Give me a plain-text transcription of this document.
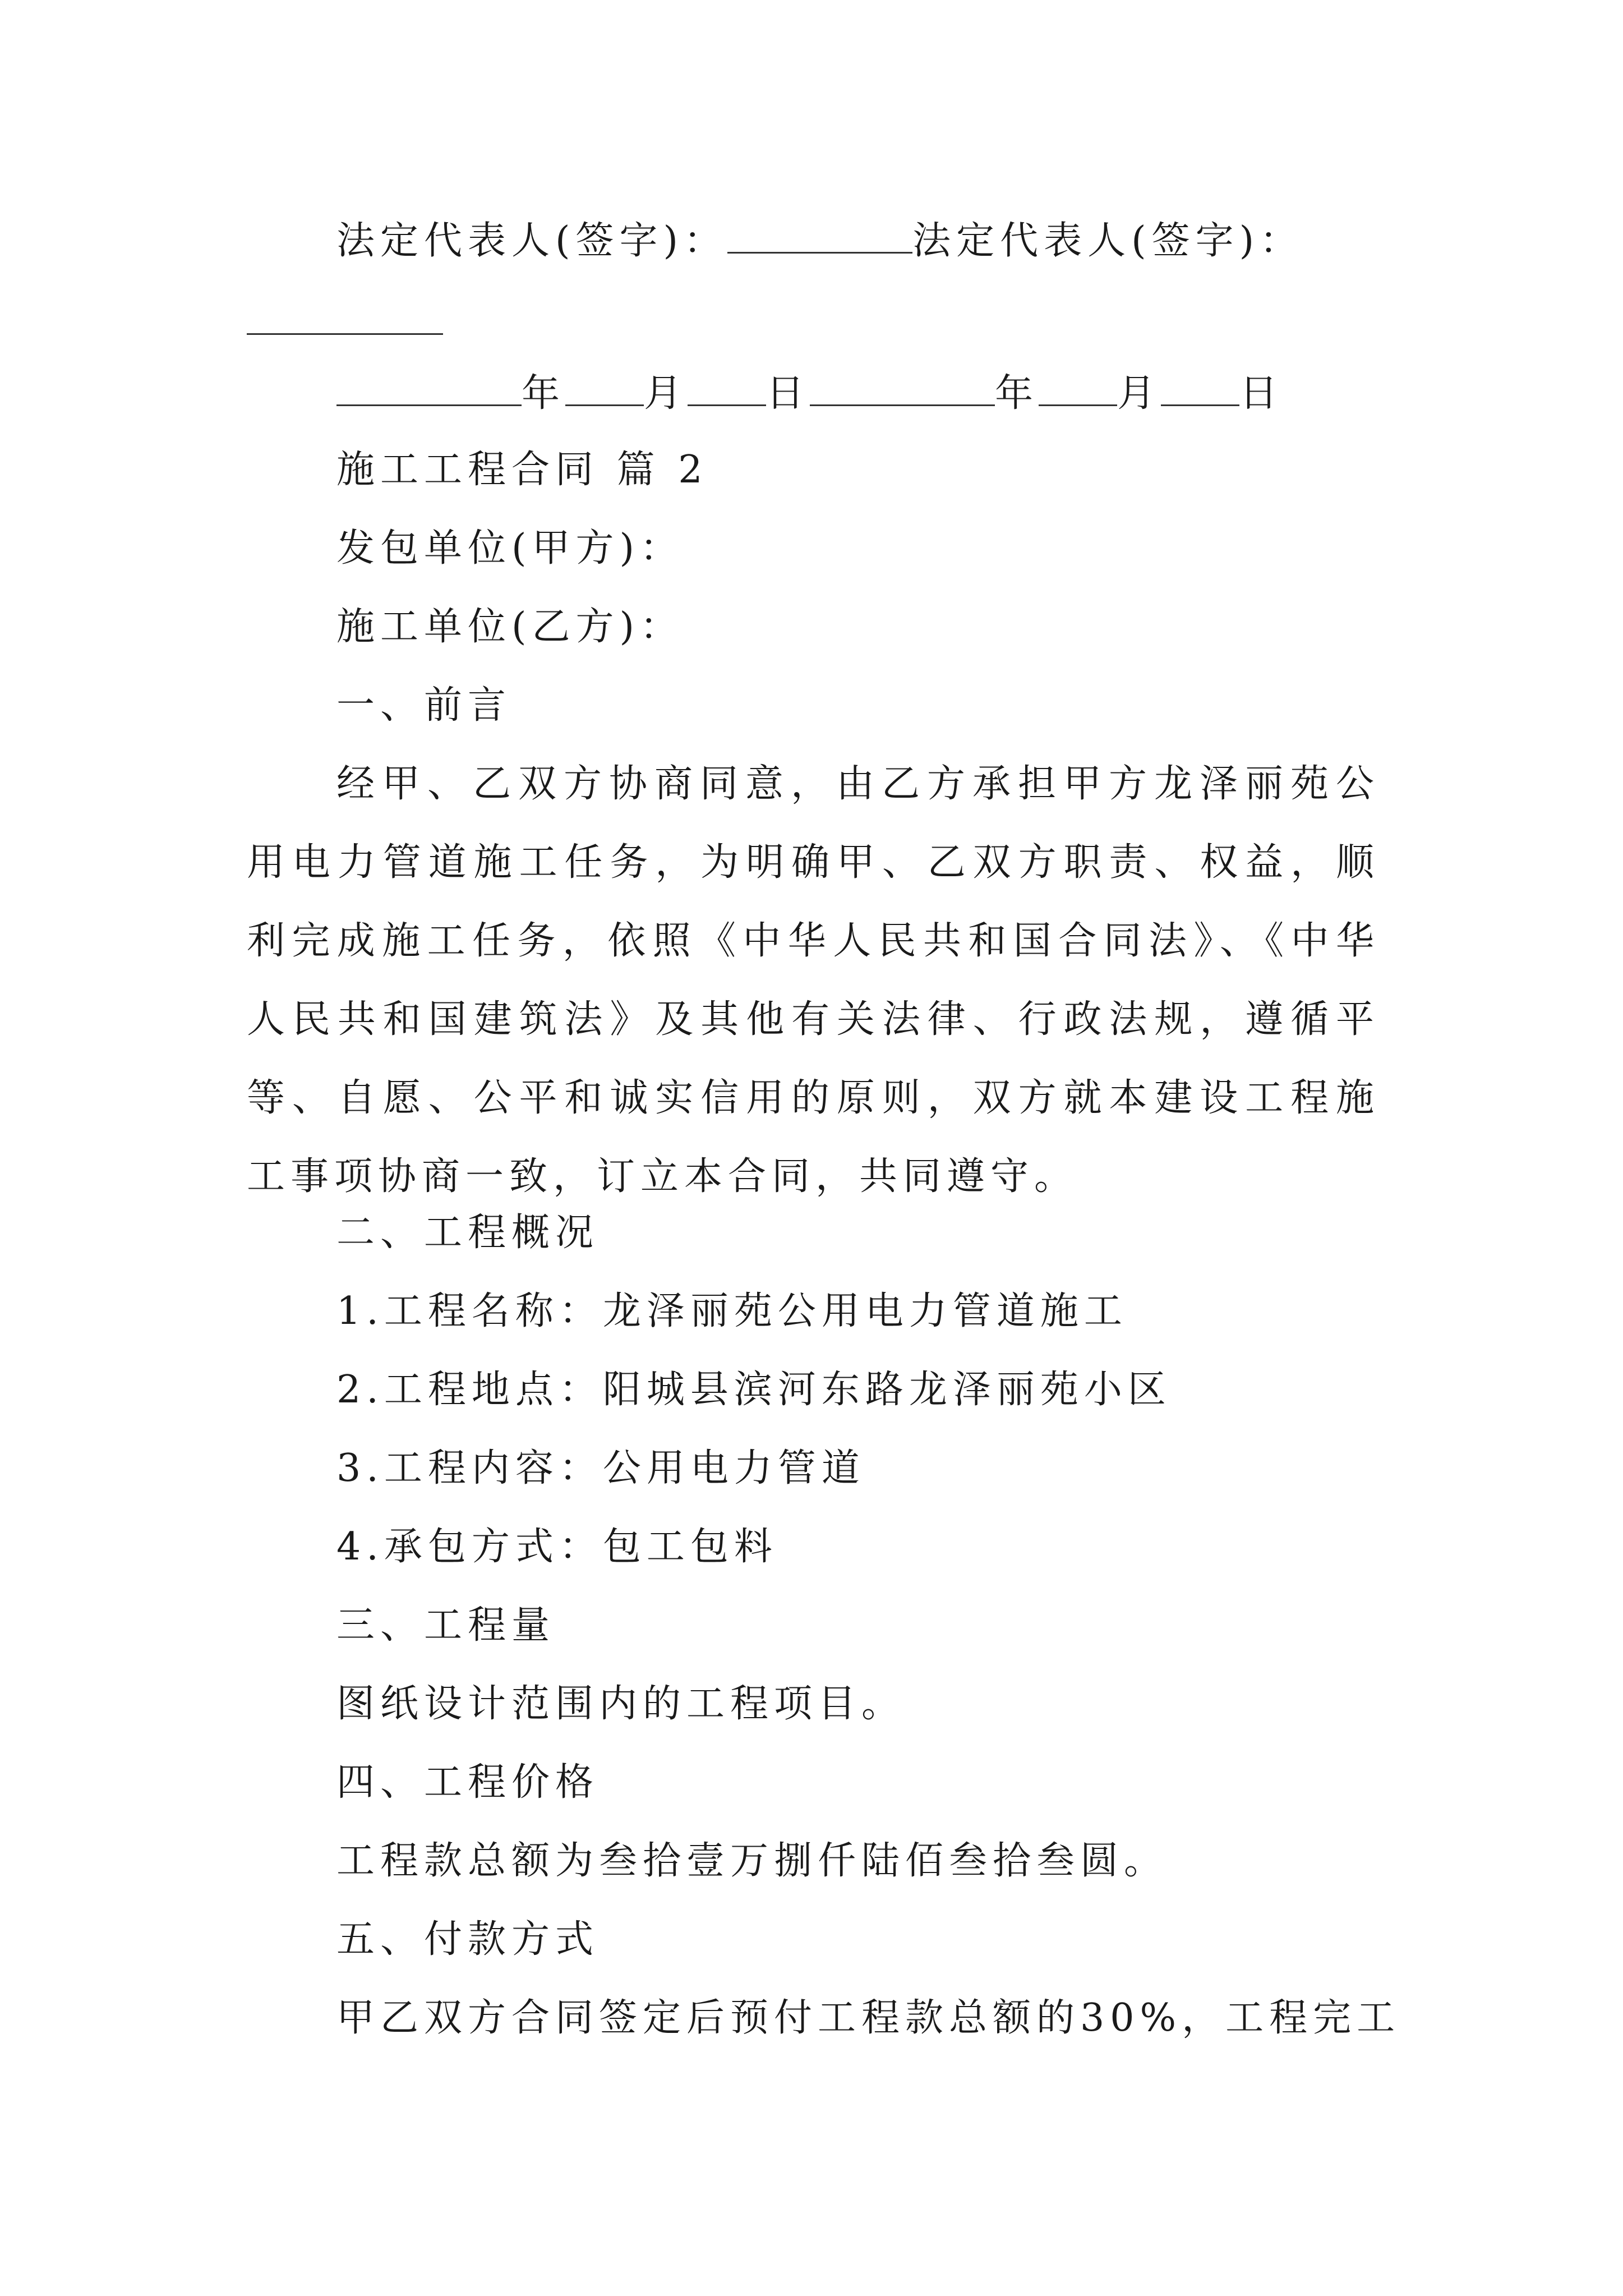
法定代表人(签字)：	法定代表人(签字)：
年 月 日	年 月 日
施工工程合同 篇 2
发包单位(甲方)：
施工单位(乙方)：
一、前言
经甲、乙双方协商同意，由乙方承担甲方龙泽丽苑公用电力管道施工任务，为明确甲、乙双方职责、权益，顺利完成施工任务，依照《中华人民共和国合同法》、《中华人民共和国建筑法》及其他有关法律、行政法规，遵循平等、自愿、公平和诚实信用的原则，双方就本建设工程施工事项协商一致，订立本合同，共同遵守。
二、工程概况
1.工程名称：龙泽丽苑公用电力管道施工
2.工程地点：阳城县滨河东路龙泽丽苑小区
3.工程内容：公用电力管道
4.承包方式：包工包料
三、工程量
图纸设计范围内的工程项目。
四、工程价格
工程款总额为叁拾壹万捌仟陆佰叁拾叁圆。
五、付款方式
甲乙双方合同签定后预付工程款总额的30%，工程完工
